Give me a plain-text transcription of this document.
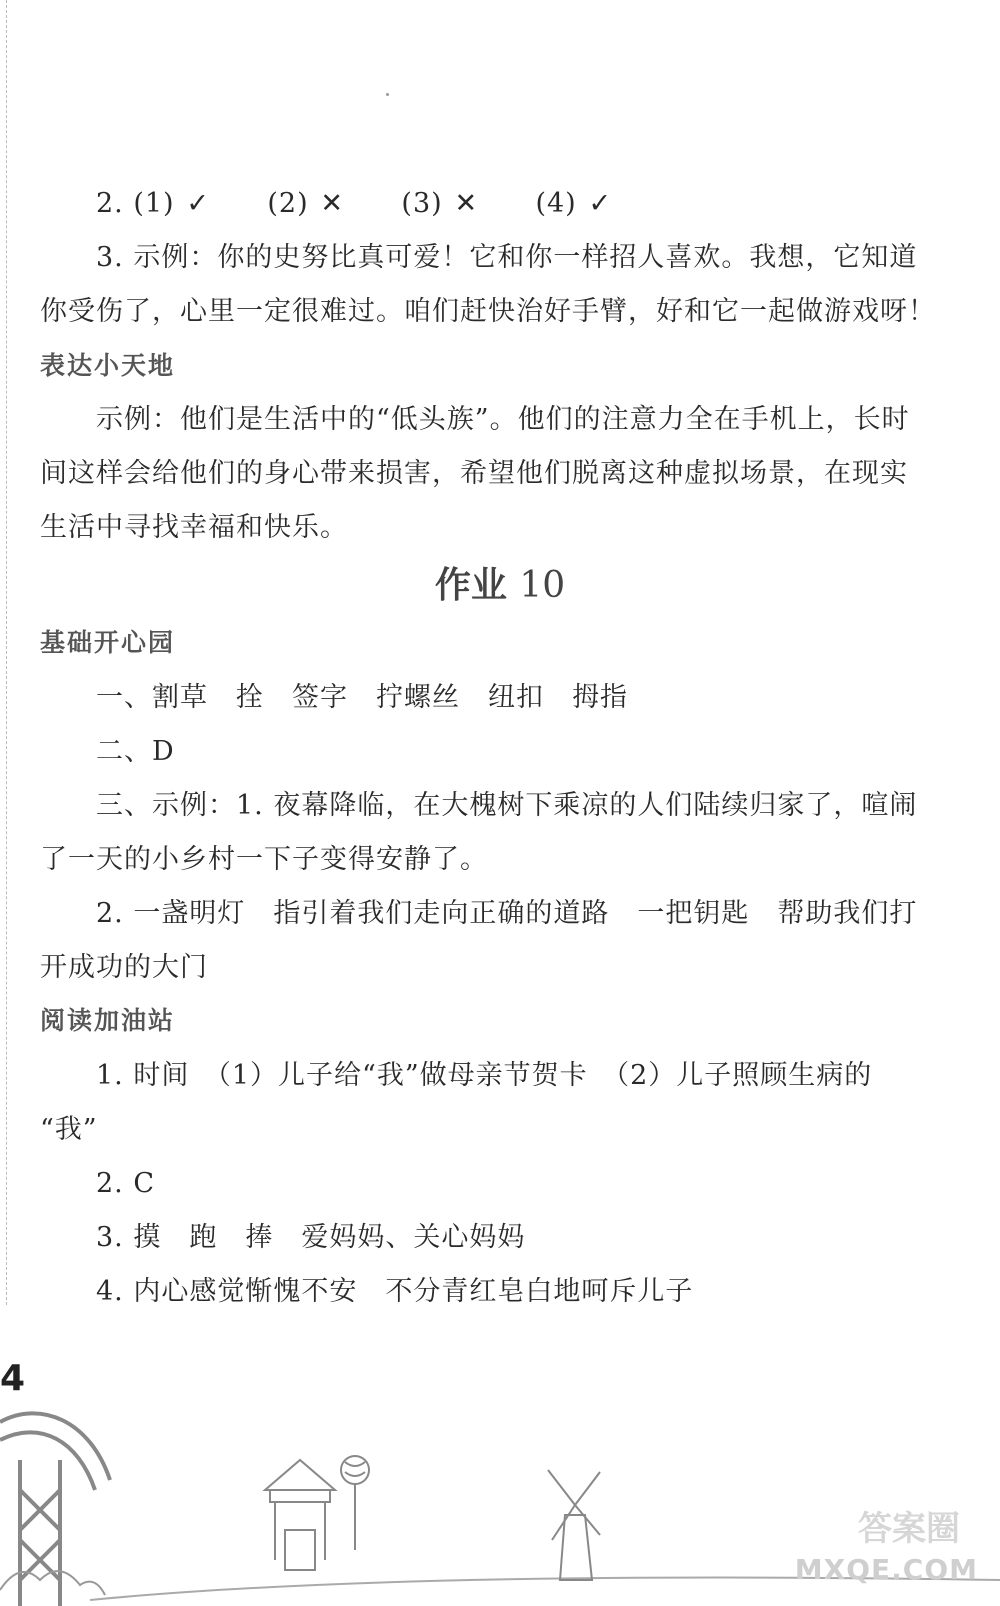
2. (1) ✓ (2) ✕ (3) ✕ (4) ✓
3. 示例：你的史努比真可爱！它和你一样招人喜欢。我想，它知道
你受伤了，心里一定很难过。咱们赶快治好手臂，好和它一起做游戏呀！
表达小天地
示例：他们是生活中的“低头族”。他们的注意力全在手机上，长时
间这样会给他们的身心带来损害，希望他们脱离这种虚拟场景，在现实
生活中寻找幸福和快乐。
作业 10
基础开心园
一、割草　拴　签字　拧螺丝　纽扣　拇指
二、D
三、示例：1. 夜幕降临，在大槐树下乘凉的人们陆续归家了，喧闹
了一天的小乡村一下子变得安静了。
2. 一盏明灯　指引着我们走向正确的道路　一把钥匙　帮助我们打
开成功的大门
阅读加油站
1. 时间　（1）儿子给“我”做母亲节贺卡　（2）儿子照顾生病的
“我”
2. C
3. 摸　跑　捧　爱妈妈、关心妈妈
4. 内心感觉惭愧不安　不分青红皂白地呵斥儿子
4
答案圈
MXQE.COM
